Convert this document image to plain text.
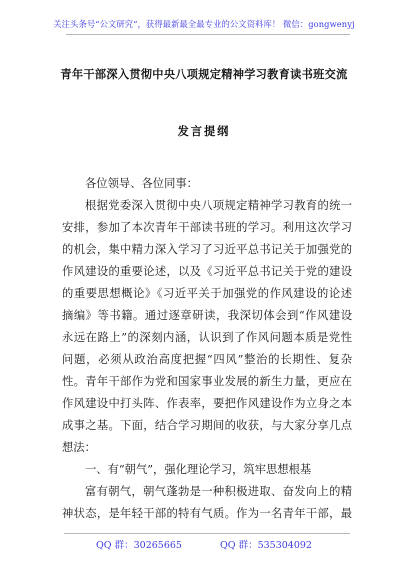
关注头条号“公文研究”，获得最新最全最专业的公文资料库！ 微信：gongwenyj
青年干部深入贯彻中央八项规定精神学习教育读书班交流
发言提纲
各位领导、各位同事：
根据党委深入贯彻中央八项规定精神学习教育的统一
安排，参加了本次青年干部读书班的学习。利用这次学习
的机会，集中精力深入学习了习近平总书记关于加强党的
作风建设的重要论述，以及《习近平总书记关于党的建设
的重要思想概论》《习近平关于加强党的作风建设的论述
摘编》等书籍。通过逐章研读，我深切体会到“作风建设
永远在路上”的深刻内涵，认识到了作风问题本质是党性
问题，必须从政治高度把握“四风”整治的长期性、复杂
性。青年干部作为党和国家事业发展的新生力量，更应在
作风建设中打头阵、作表率，要把作风建设作为立身之本
成事之基。下面，结合学习期间的收获，与大家分享几点
想法：
一、有“朝气”，强化理论学习，筑牢思想根基
富有朝气，朝气蓬勃是一种积极进取、奋发向上的精
神状态，是年轻干部的特有气质。作为一名青年干部，最
QQ 群：30265665	QQ 群：535304092
